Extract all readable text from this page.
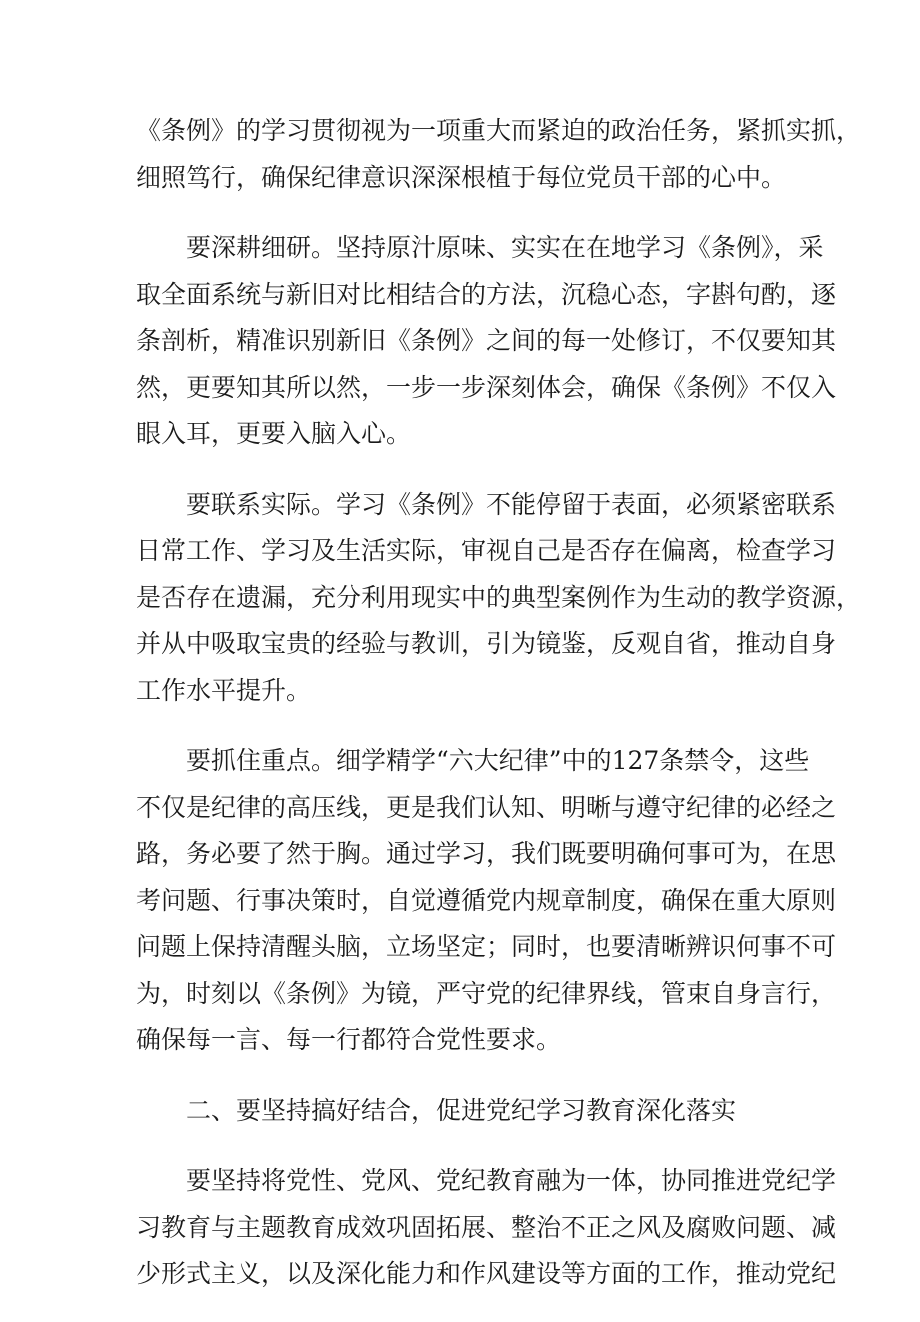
《条例》的学习贯彻视为一项重大而紧迫的政治任务，紧抓实抓，
细照笃行，确保纪律意识深深根植于每位党员干部的心中。
要深耕细研。坚持原汁原味、实实在在地学习《条例》，采
取全面系统与新旧对比相结合的方法，沉稳心态，字斟句酌，逐
条剖析，精准识别新旧《条例》之间的每一处修订，不仅要知其
然，更要知其所以然，一步一步深刻体会，确保《条例》不仅入
眼入耳，更要入脑入心。
要联系实际。学习《条例》不能停留于表面，必须紧密联系
日常工作、学习及生活实际，审视自己是否存在偏离，检查学习
是否存在遗漏，充分利用现实中的典型案例作为生动的教学资源，
并从中吸取宝贵的经验与教训，引为镜鉴，反观自省，推动自身
工作水平提升。
要抓住重点。细学精学“六大纪律”中的127条禁令，这些
不仅是纪律的高压线，更是我们认知、明晰与遵守纪律的必经之
路，务必要了然于胸。通过学习，我们既要明确何事可为，在思
考问题、行事决策时，自觉遵循党内规章制度，确保在重大原则
问题上保持清醒头脑，立场坚定；同时，也要清晰辨识何事不可
为，时刻以《条例》为镜，严守党的纪律界线，管束自身言行，
确保每一言、每一行都符合党性要求。
二、要坚持搞好结合，促进党纪学习教育深化落实
要坚持将党性、党风、党纪教育融为一体，协同推进党纪学
习教育与主题教育成效巩固拓展、整治不正之风及腐败问题、减
少形式主义，以及深化能力和作风建设等方面的工作，推动党纪
